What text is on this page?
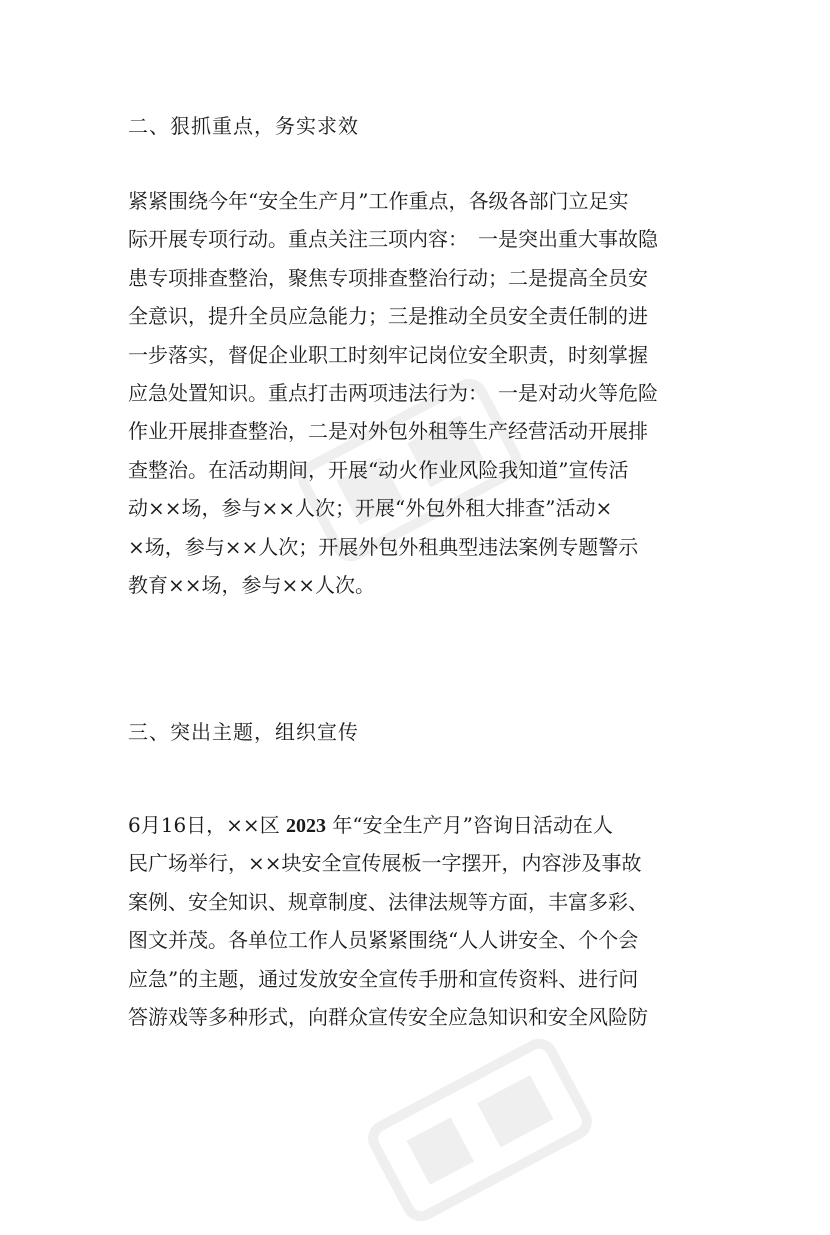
二、狠抓重点，务实求效
紧紧围绕今年“安全生产月”工作重点，各级各部门立足实
际开展专项行动。重点关注三项内容：　一是突出重大事故隐
患专项排查整治，聚焦专项排查整治行动；二是提高全员安
全意识，提升全员应急能力；三是推动全员安全责任制的进
一步落实，督促企业职工时刻牢记岗位安全职责，时刻掌握
应急处置知识。重点打击两项违法行为：　一是对动火等危险
作业开展排查整治，二是对外包外租等生产经营活动开展排
查整治。在活动期间，开展“动火作业风险我知道”宣传活
动××场，参与××人次；开展“外包外租大排查”活动×
×场，参与××人次；开展外包外租典型违法案例专题警示
教育××场，参与××人次。
三、突出主题，组织宣传
6月16日，××区 2023 年“安全生产月”咨询日活动在人
民广场举行，××块安全宣传展板一字摆开，内容涉及事故
案例、安全知识、规章制度、法律法规等方面，丰富多彩、
图文并茂。各单位工作人员紧紧围绕“人人讲安全、个个会
应急”的主题，通过发放安全宣传手册和宣传资料、进行问
答游戏等多种形式，向群众宣传安全应急知识和安全风险防
